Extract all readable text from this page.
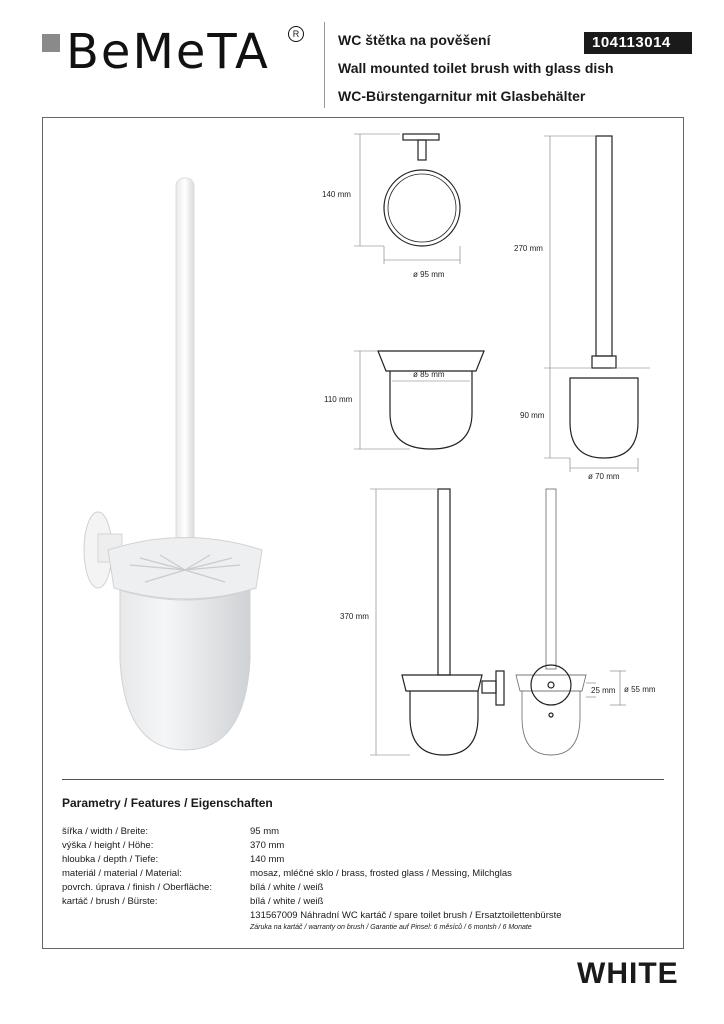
BeMeTA	R	WC štětka na pověšení
Wall mounted toilet brush with glass dish
WC-Bürstengarnitur mit Glasbehälter
104113014
140 mm
ø 95 mm
270 mm
90 mm
ø 70 mm
110 mm
ø 85 mm
370 mm
25 mm ø 55 mm
Parametry / Features / Eigenschaften
šířka / width / Breite:	95 mm
výška / height / Höhe:	370 mm
hloubka / depth / Tiefe:	140 mm
materiál / material / Material:	mosaz, mléčné sklo / brass, frosted glass / Messing, Milchglas
povrch. úprava / finish / Oberfläche:	bílá / white / weiß
kartáč / brush / Bürste:	bílá / white / weiß
131567009 Náhradní WC kartáč / spare toilet brush / Ersatztoilettenbürste
Záruka na kartáč / warranty on brush / Garantie auf Pinsel: 6 měsíců / 6 montsh / 6 Monate
WHITE
